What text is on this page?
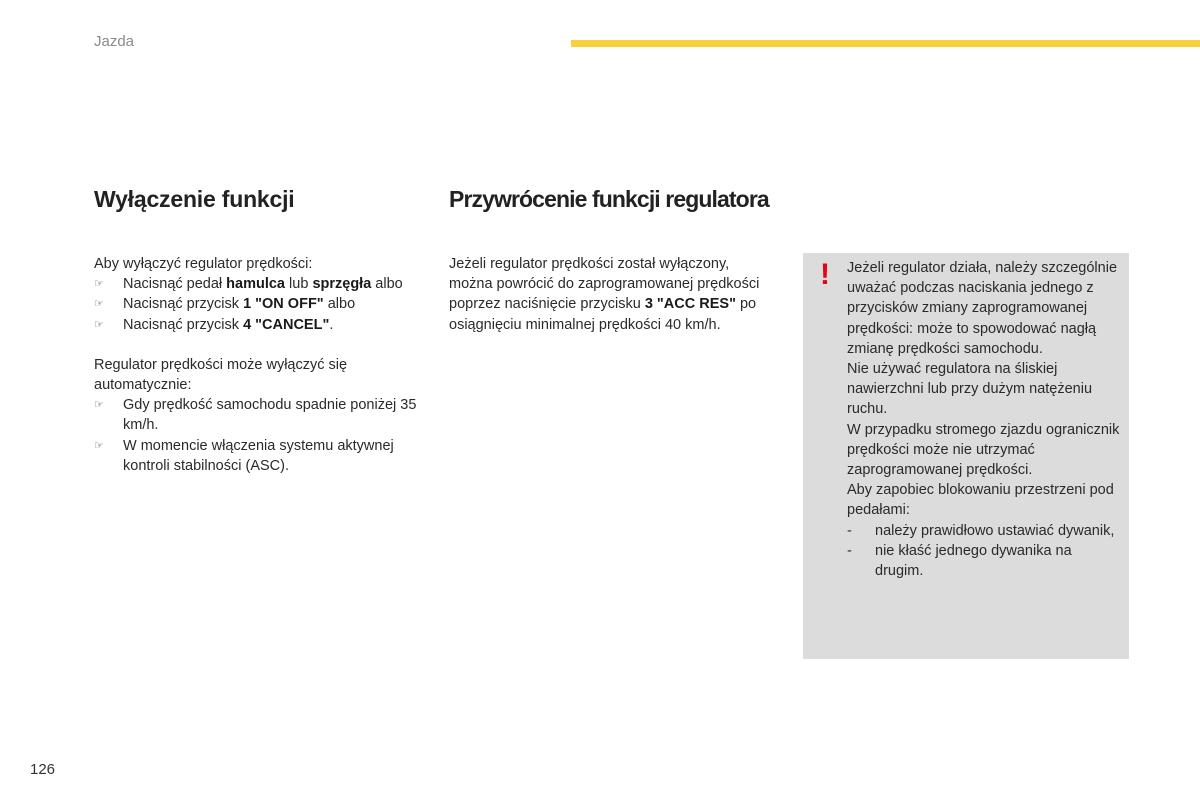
Jazda
Wyłączenie funkcji

Aby wyłączyć regulator prędkości:

☞ Nacisnąć pedał hamulca lub sprzęgła albo
☞ Nacisnąć przycisk 1 "ON OFF" albo
☞ Nacisnąć przycisk 4 "CANCEL".

Regulator prędkości może wyłączyć się automatycznie:

☞ Gdy prędkość samochodu spadnie poniżej 35 km/h.
☞ W momencie włączenia systemu aktywnej kontroli stabilności (ASC).
Przywrócenie funkcji regulatora

Jeżeli regulator prędkości został wyłączony, można powrócić do zaprogramowanej prędkości poprzez naciśnięcie przycisku 3 "ACC RES" po osiągnięciu minimalnej prędkości 40 km/h.

! Jeżeli regulator działa, należy szczególnie uważać podczas naciskania jednego z przycisków zmiany zaprogramowanej prędkości: może to spowodować nagłą zmianę prędkości samochodu.

Nie używać regulatora na śliskiej nawierzchni lub przy dużym natężeniu ruchu.

W przypadku stromego zjazdu ogranicznik prędkości może nie utrzymać zaprogramowanej prędkości.

Aby zapobiec blokowaniu przestrzeni pod pedałami:

- należy prawidłowo ustawiać dywanik,
- nie kłaść jednego dywanika na drugim.
126
